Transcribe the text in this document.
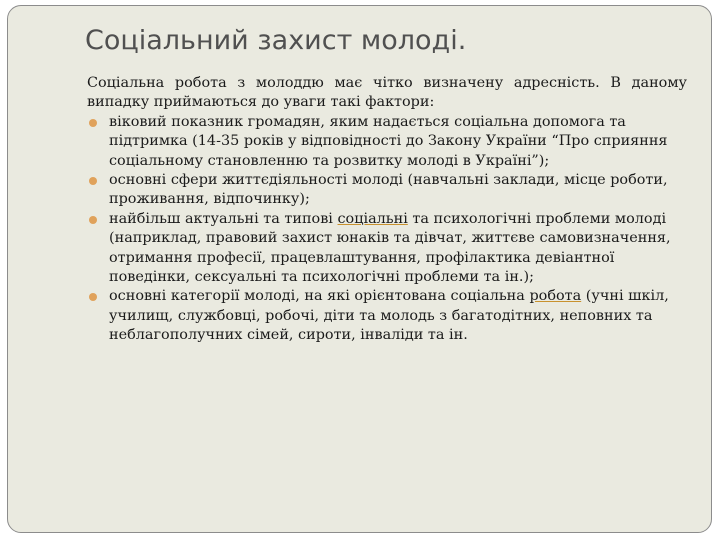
Соціальний захист молоді.

Соціальна робота з молоддю має чітко визначену адресність. В даному випадку приймаються до уваги такі фактори:

віковий показник громадян, яким надається соціальна допомога та підтримка (14-35 років у відповідності до Закону України “Про сприяння соціальному становленню та розвитку молоді в Україні”);
основні сфери життєдіяльності молоді (навчальні заклади, місце роботи, проживання, відпочинку);
найбільш актуальні та типові соціальні та психологічні проблеми молоді (наприклад, правовий захист юнаків та дівчат, життєве самовизначення, отримання професії, працевлаштування, профілактика девіантної поведінки, сексуальні та психологічні проблеми та ін.);
основні категорії молоді, на які орієнтована соціальна робота (учні шкіл, училищ, службовці, робочі, діти та молодь з багатодітних, неповних та неблагополучних сімей, сироти, інваліди та ін.
